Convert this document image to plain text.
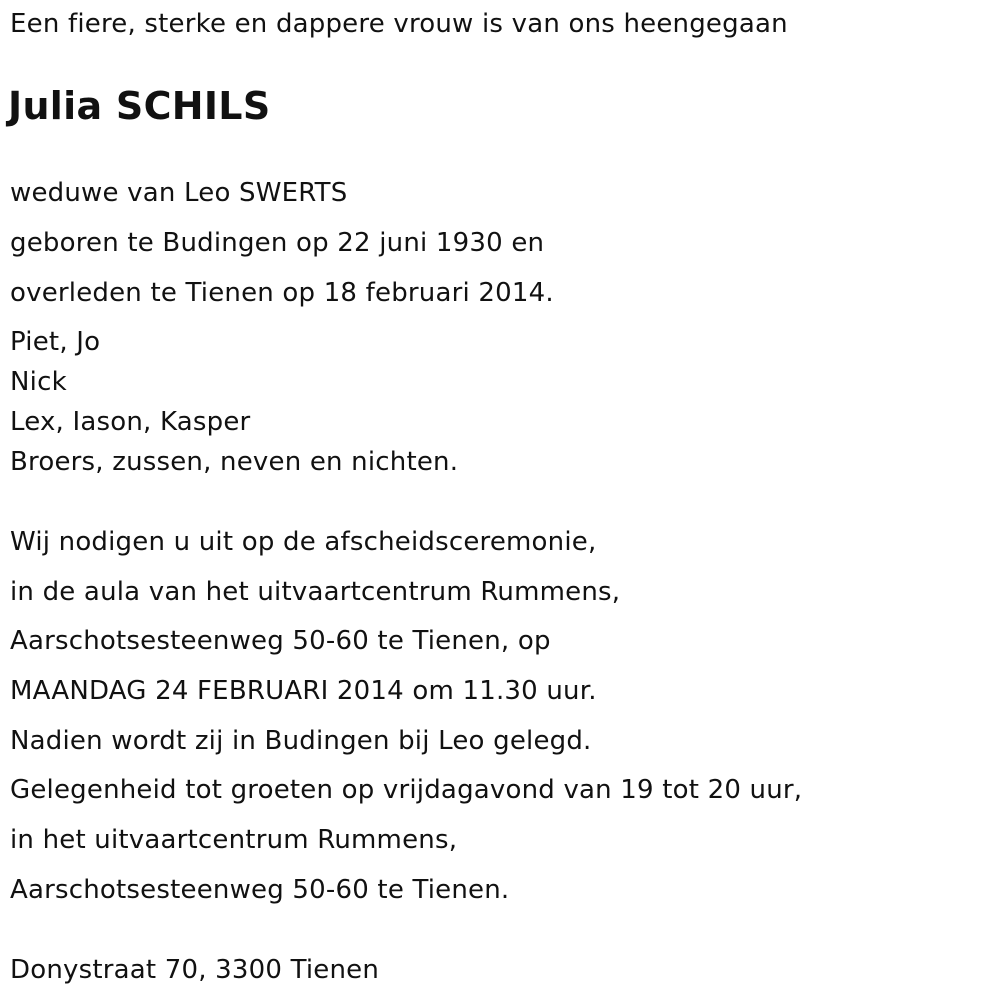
Een fiere, sterke en dappere vrouw is van ons heengegaan
Julia SCHILS
weduwe van Leo SWERTS
geboren te Budingen op 22 juni 1930 en
overleden te Tienen op 18 februari 2014.
Piet, Jo
Nick
Lex, Iason, Kasper
Broers, zussen, neven en nichten.
Wij nodigen u uit op de afscheidsceremonie,
in de aula van het uitvaartcentrum Rummens,
Aarschotsesteenweg 50-60 te Tienen, op
MAANDAG 24 FEBRUARI 2014 om 11.30 uur.
Nadien wordt zij in Budingen bij Leo gelegd.
Gelegenheid tot groeten op vrijdagavond van 19 tot 20 uur,
in het uitvaartcentrum Rummens,
Aarschotsesteenweg 50-60 te Tienen.
Donystraat 70, 3300 Tienen
